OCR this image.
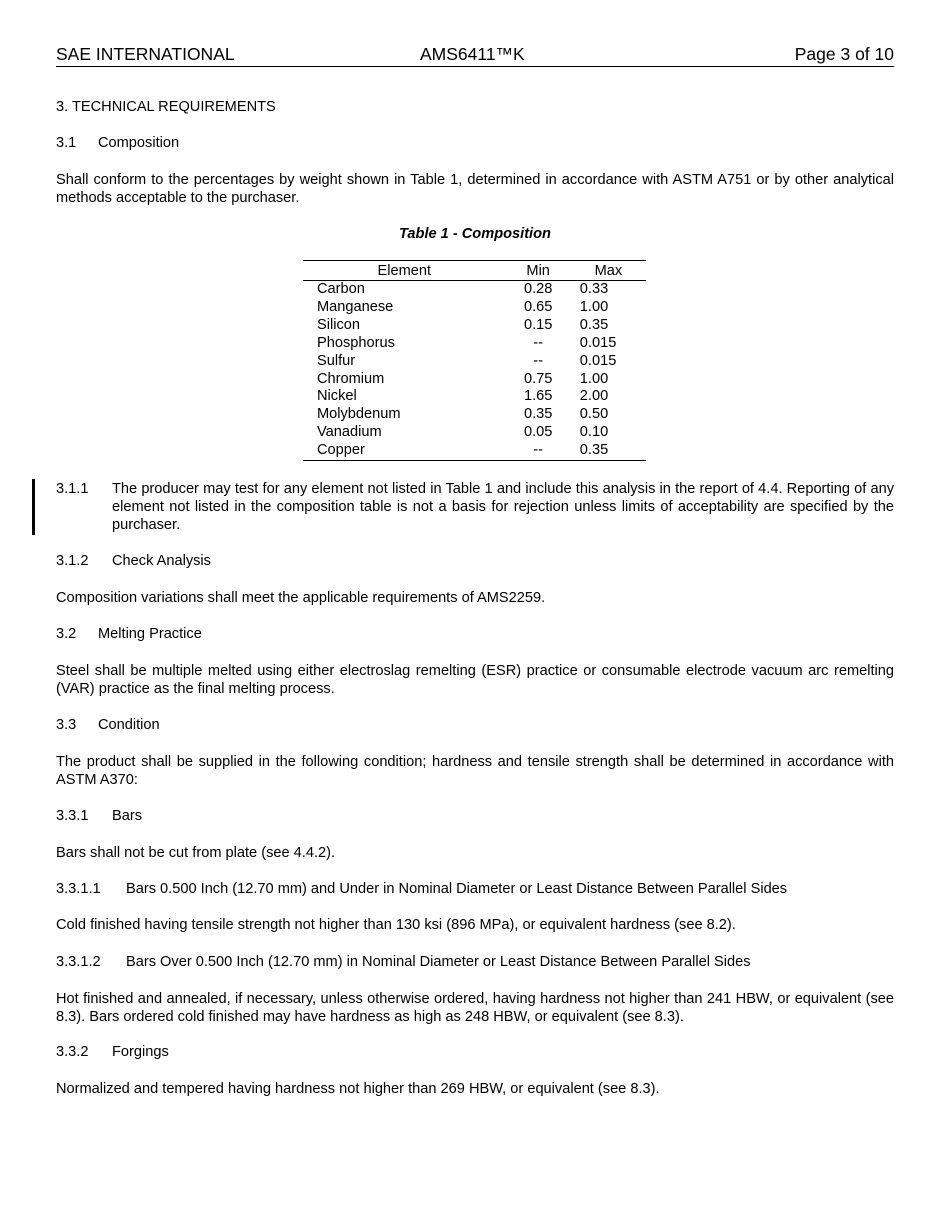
SAE INTERNATIONAL	AMS6411™K	Page 3 of 10
3. TECHNICAL REQUIREMENTS
3.1 Composition
Shall conform to the percentages by weight shown in Table 1, determined in accordance with ASTM A751 or by other analytical methods acceptable to the purchaser.
Table 1 - Composition
Element	Min	Max
Carbon	0.28	0.33
Manganese	0.65	1.00
Silicon	0.15	0.35
Phosphorus	--	0.015
Sulfur	--	0.015
Chromium	0.75	1.00
Nickel	1.65	2.00
Molybdenum	0.35	0.50
Vanadium	0.05	0.10
Copper	--	0.35
3.1.1	The producer may test for any element not listed in Table 1 and include this analysis in the report of 4.4. Reporting of any element not listed in the composition table is not a basis for rejection unless limits of acceptability are specified by the purchaser.
3.1.2 Check Analysis
Composition variations shall meet the applicable requirements of AMS2259.
3.2 Melting Practice
Steel shall be multiple melted using either electroslag remelting (ESR) practice or consumable electrode vacuum arc remelting (VAR) practice as the final melting process.
3.3 Condition
The product shall be supplied in the following condition; hardness and tensile strength shall be determined in accordance with ASTM A370:
3.3.1 Bars
Bars shall not be cut from plate (see 4.4.2).
3.3.1.1 Bars 0.500 Inch (12.70 mm) and Under in Nominal Diameter or Least Distance Between Parallel Sides
Cold finished having tensile strength not higher than 130 ksi (896 MPa), or equivalent hardness (see 8.2).
3.3.1.2 Bars Over 0.500 Inch (12.70 mm) in Nominal Diameter or Least Distance Between Parallel Sides
Hot finished and annealed, if necessary, unless otherwise ordered, having hardness not higher than 241 HBW, or equivalent (see 8.3). Bars ordered cold finished may have hardness as high as 248 HBW, or equivalent (see 8.3).
3.3.2 Forgings
Normalized and tempered having hardness not higher than 269 HBW, or equivalent (see 8.3).
